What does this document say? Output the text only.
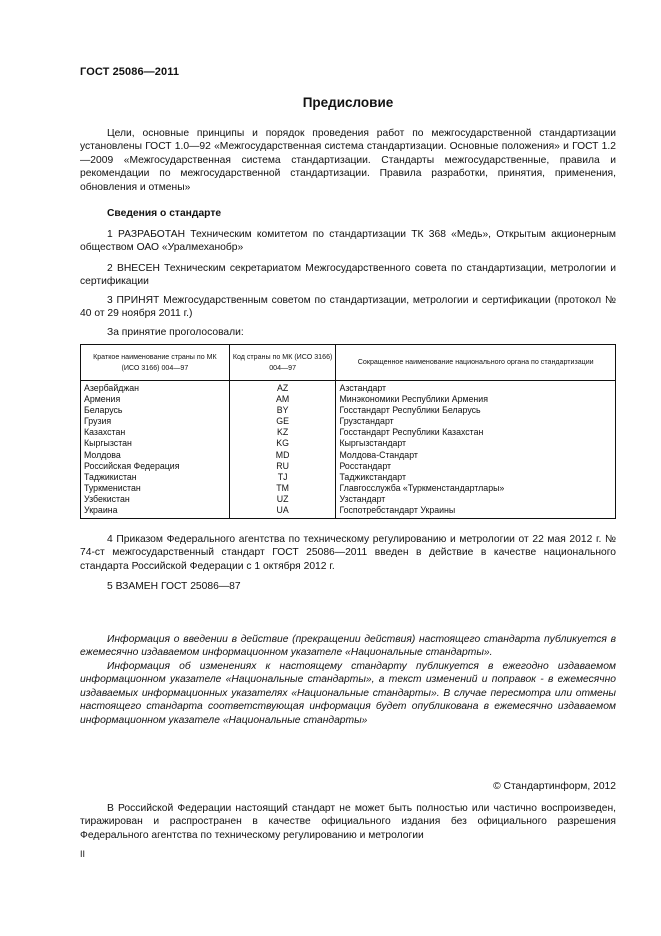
ГОСТ 25086—2011
Предисловие

Цели, основные принципы и порядок проведения работ по межгосударственной стандартизации установлены ГОСТ 1.0—92 «Межгосударственная система стандартизации. Основные положения» и ГОСТ 1.2—2009 «Межгосударственная система стандартизации. Стандарты межгосударственные, правила и рекомендации по межгосударственной стандартизации. Правила разработки, принятия, применения, обновления и отмены»

Сведения о стандарте

1 РАЗРАБОТАН Техническим комитетом по стандартизации ТК 368 «Медь», Открытым акционерным обществом ОАО «Уралмеханобр»

2 ВНЕСЕН Техническим секретариатом Межгосударственного совета по стандартизации, метрологии и сертификации

3 ПРИНЯТ Межгосударственным советом по стандартизации, метрологии и сертификации (протокол № 40 от 29 ноября 2011 г.)

За принятие проголосовали:
Краткое наименование страны по МК (ИСО 3166) 004—97	Код страны по МК (ИСО 3166) 004—97	Сокращенное наименование национального органа по стандартизации
Азербайджан	AZ	Азстандарт
Армения	AM	Минэкономики Республики Армения
Беларусь	BY	Госстандарт Республики Беларусь
Грузия	GE	Грузстандарт
Казахстан	KZ	Госстандарт Республики Казахстан
Кыргызстан	KG	Кыргызстандарт
Молдова	MD	Молдова-Стандарт
Российская Федерация	RU	Росстандарт
Таджикистан	TJ	Таджикстандарт
Туркменистан	TM	Главгосслужба «Туркменстандартлары»
Узбекистан	UZ	Узстандарт
Украина	UA	Госпотребстандарт Украины

4 Приказом Федерального агентства по техническому регулированию и метрологии от 22 мая 2012 г. № 74-ст межгосударственный стандарт ГОСТ 25086—2011 введен в действие в качестве национального стандарта Российской Федерации с 1 октября 2012 г.

5 ВЗАМЕН ГОСТ 25086—87

Информация о введении в действие (прекращении действия) настоящего стандарта публикуется в ежемесячно издаваемом информационном указателе «Национальные стандарты».

Информация об изменениях к настоящему стандарту публикуется в ежегодно издаваемом информационном указателе «Национальные стандарты», а текст изменений и поправок - в ежемесячно издаваемых информационных указателях «Национальные стандарты». В случае пересмотра или отмены настоящего стандарта соответствующая информация будет опубликована в ежемесячно издаваемом информационном указателе «Национальные стандарты»

© Стандартинформ, 2012

В Российской Федерации настоящий стандарт не может быть полностью или частично воспроизведен, тиражирован и распространен в качестве официального издания без официального разрешения Федерального агентства по техническому регулированию и метрологии

II
